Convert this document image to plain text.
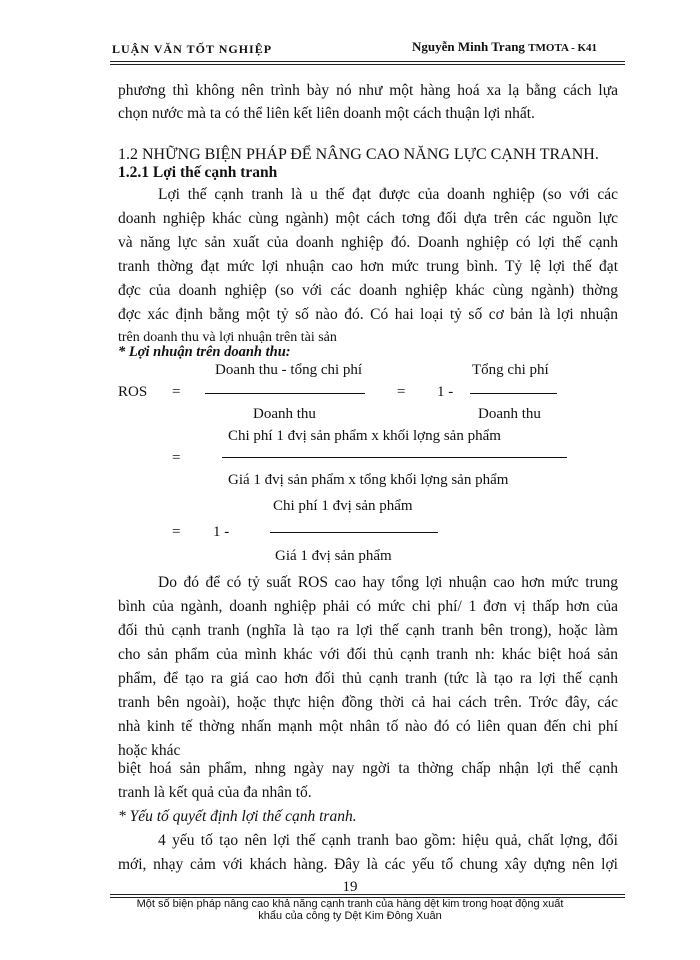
LUẬN VĂN TỐT NGHIỆP	Nguyễn Minh Trang TMOTA - K41
phương thì không nên trình bày nó như một hàng hoá xa lạ bằng cách lựa
chọn nước mà ta có thể liên kết liên doanh một cách thuận lợi nhất.
1.2 NHỮNG BIỆN PHÁP ĐỂ NÂNG CAO NĂNG LỰC CẠNH TRANH.
1.2.1 Lợi thế cạnh tranh
Lợi thế cạnh tranh là u thế đạt được của doanh nghiệp (so với các
doanh nghiệp khác cùng ngành) một cách tơng đối dựa trên các nguồn lực
và năng lực sản xuất của doanh nghiệp đó. Doanh nghiệp có lợi thế cạnh
tranh thờng đạt mức lợi nhuận cao hơn mức trung bình. Tỷ lệ lợi thế đạt
đợc của doanh nghiệp (so với các doanh nghiệp khác cùng ngành) thờng
đợc xác định bằng một tỷ số nào đó. Có hai loại tỷ số cơ bản là lợi nhuận
trên doanh thu và lợi nhuận trên tài sản
* Lợi nhuận trên doanh thu:
Doanh thu - tổng chi phí	Tổng chi phí
ROS =	= 1 -
Doanh thu	Doanh thu
Chi phí 1 đvị sản phẩm x khối lợng sản phẩm
=
Giá 1 đvị sản phẩm x tổng khối lợng sản phẩm
Chi phí 1 đvị sản phẩm
= 1 -
Giá 1 đvị sản phẩm
Do đó để có tỷ suất ROS cao hay tổng lợi nhuận cao hơn mức trung
bình của ngành, doanh nghiệp phải có mức chi phí/ 1 đơn vị thấp hơn của
đối thủ cạnh tranh (nghĩa là tạo ra lợi thế cạnh tranh bên trong), hoặc làm
cho sản phẩm của mình khác với đối thủ cạnh tranh nh: khác biệt hoá sản
phẩm, để tạo ra giá cao hơn đối thủ cạnh tranh (tức là tạo ra lợi thế cạnh
tranh bên ngoài), hoặc thực hiện đồng thời cả hai cách trên. Trớc đây, các
nhà kinh tế thờng nhấn mạnh một nhân tố nào đó có liên quan đến chi phí
hoặc khác
biệt hoá sản phẩm, nhng ngày nay ngời ta thờng chấp nhận lợi thế cạnh
tranh là kết quả của đa nhân tố.
* Yếu tố quyết định lợi thế cạnh tranh.
4 yếu tố tạo nên lợi thế cạnh tranh bao gồm: hiệu quả, chất lợng, đổi
mới, nhạy cảm với khách hàng. Đây là các yếu tố chung xây dựng nên lợi
19
Một số biện pháp nâng cao khả năng cạnh tranh của hàng dệt kim trong hoạt động xuất
khẩu của công ty Dệt Kim Đông Xuân
